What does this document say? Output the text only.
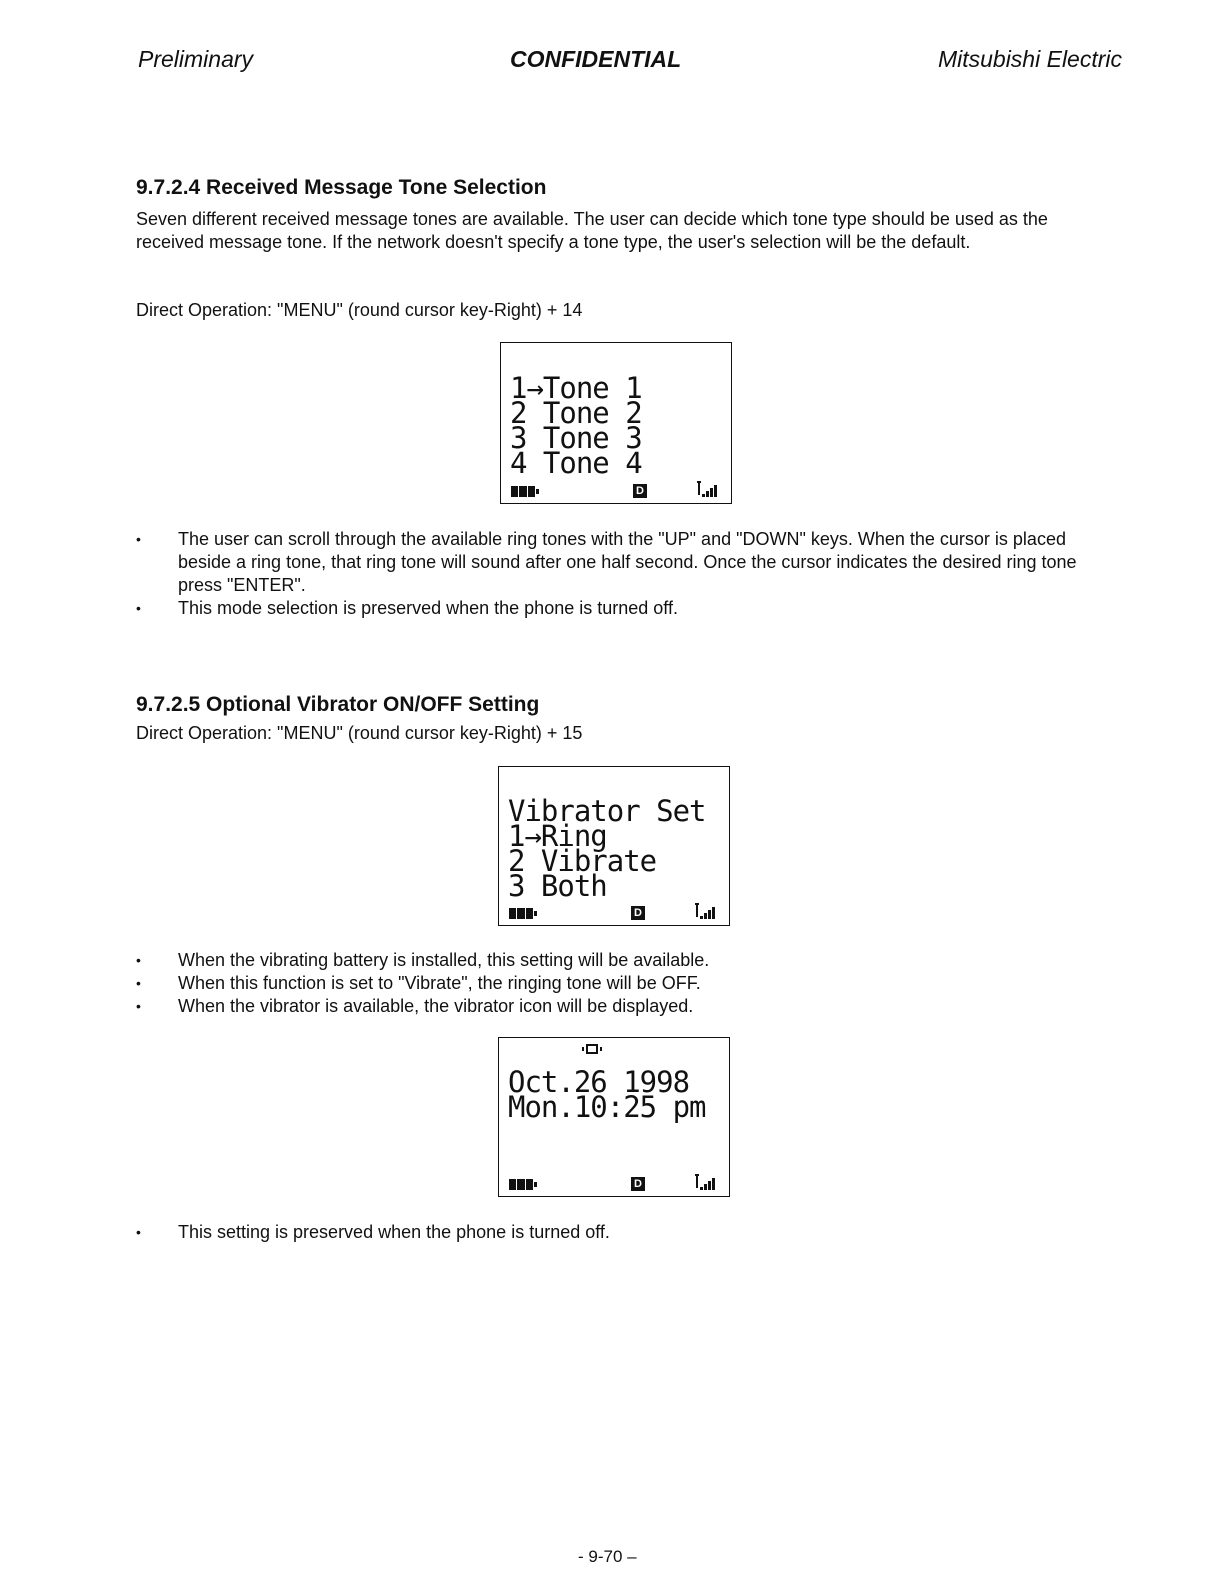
Preliminary	CONFIDENTIAL	Mitsubishi Electric
9.7.2.4 Received Message Tone Selection

Seven different received message tones are available. The user can decide which tone type should be used as the received message tone. If the network doesn't specify a tone type, the user's selection will be the default.

Direct Operation: "MENU" (round cursor key-Right) + 14

1→Tone 1
2 Tone 2
3 Tone 3
4 Tone 4
D
• The user can scroll through the available ring tones with the "UP" and "DOWN" keys. When the cursor is placed beside a ring tone, that ring tone will sound after one half second. Once the cursor indicates the desired ring tone press "ENTER".
• This mode selection is preserved when the phone is turned off.
9.7.2.5 Optional Vibrator ON/OFF Setting

Direct Operation: "MENU" (round cursor key-Right) + 15

Vibrator Set
1→Ring
2 Vibrate
3 Both
D
• When the vibrating battery is installed, this setting will be available.
• When this function is set to "Vibrate", the ringing tone will be OFF.
• When the vibrator is available, the vibrator icon will be displayed.
Oct.26 1998
Mon.10:25 pm
D
• This setting is preserved when the phone is turned off.
- 9-70 –
